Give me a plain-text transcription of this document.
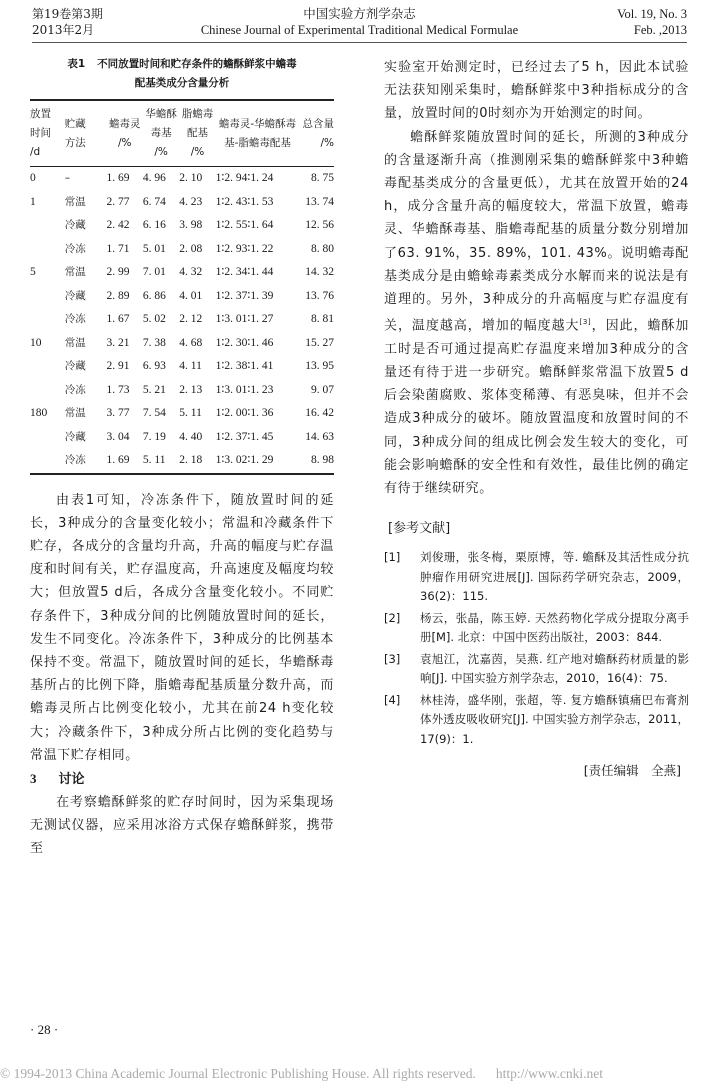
第19卷第3期
2013年2月
中国实验方剂学杂志
Chinese Journal of Experimental Traditional Medical Formulae
Vol. 19, No. 3
Feb. ,2013
表1 不同放置时间和贮存条件的蟾酥鲜浆中蟾毒
配基类成分含量分析
放置
时间
/d

贮藏
方法

蟾毒灵
/%

华蟾酥
毒基
/%

脂蟾毒
配基
/%

蟾毒灵-华蟾酥毒
基-脂蟾毒配基

总含量
/%

0	–	1. 69	4. 96	2. 10	1∶2. 94∶1. 24	8. 75
1	常温	2. 77	6. 74	4. 23	1∶2. 43∶1. 53	13. 74
	冷藏	2. 42	6. 16	3. 98	1∶2. 55∶1. 64	12. 56
	冷冻	1. 71	5. 01	2. 08	1∶2. 93∶1. 22	8. 80
5	常温	2. 99	7. 01	4. 32	1∶2. 34∶1. 44	14. 32
	冷藏	2. 89	6. 86	4. 01	1∶2. 37∶1. 39	13. 76
	冷冻	1. 67	5. 02	2. 12	1∶3. 01∶1. 27	8. 81
10	常温	3. 21	7. 38	4. 68	1∶2. 30∶1. 46	15. 27
	冷藏	2. 91	6. 93	4. 11	1∶2. 38∶1. 41	13. 95
	冷冻	1. 73	5. 21	2. 13	1∶3. 01∶1. 23	9. 07
180	常温	3. 77	7. 54	5. 11	1∶2. 00∶1. 36	16. 42
	冷藏	3. 04	7. 19	4. 40	1∶2. 37∶1. 45	14. 63
	冷冻	1. 69	5. 11	2. 18	1∶3. 02∶1. 29	8. 98

由表1可知，冷冻条件下，随放置时间的延长，3种成分的含量变化较小；常温和冷藏条件下贮存，各成分的含量均升高，升高的幅度与贮存温度和时间有关，贮存温度高，升高速度及幅度均较大；但放置5 d后，各成分含量变化较小。不同贮存条件下，3种成分间的比例随放置时间的延长，发生不同变化。冷冻条件下，3种成分的比例基本保持不变。常温下，随放置时间的延长，华蟾酥毒基所占的比例下降，脂蟾毒配基质量分数升高，而蟾毒灵所占比例变化较小，尤其在前24 h变化较大；冷藏条件下，3种成分所占比例的变化趋势与常温下贮存相同。

3 讨论

在考察蟾酥鲜浆的贮存时间时，因为采集现场无测试仪器，应采用冰浴方式保存蟾酥鲜浆，携带至

实验室开始测定时，已经过去了5 h，因此本试验无法获知刚采集时，蟾酥鲜浆中3种指标成分的含量，放置时间的0时刻亦为开始测定的时间。

蟾酥鲜浆随放置时间的延长，所测的3种成分的含量逐渐升高（推测刚采集的蟾酥鲜浆中3种蟾毒配基类成分的含量更低），尤其在放置开始的24 h，成分含量升高的幅度较大，常温下放置，蟾毒灵、华蟾酥毒基、脂蟾毒配基的质量分数分别增加了63. 91%，35. 89%，101. 43%。说明蟾毒配基类成分是由蟾蜍毒素类成分水解而来的说法是有道理的。另外，3种成分的升高幅度与贮存温度有关，温度越高，增加的幅度越大[3]，因此，蟾酥加工时是否可通过提高贮存温度来增加3种成分的含量还有待于进一步研究。蟾酥鲜浆常温下放置5 d后会染菌腐败、浆体变稀薄、有恶臭味，但并不会造成3种成分的破坏。随放置温度和放置时间的不同，3种成分间的组成比例会发生较大的变化，可能会影响蟾酥的安全性和有效性，最佳比例的确定有待于继续研究。

[参考文献]
[1] 刘俊珊，张冬梅，栗原博，等. 蟾酥及其活性成分抗肿瘤作用研究进展[J]. 国际药学研究杂志，2009，36(2)：115.
[2] 杨云，张晶，陈玉婷. 天然药物化学成分提取分离手册[M]. 北京：中国中医药出版社，2003：844.
[3] 袁旭江，沈嘉茵，吴燕. 红产地对蟾酥药材质量的影响[J]. 中国实验方剂学杂志，2010，16(4)：75.
[4] 林桂涛，盛华刚，张超，等. 复方蟾酥镇痛巴布膏剂体外透皮吸收研究[J]. 中国实验方剂学杂志，2011，17(9)：1.
[责任编辑　全燕]
· 28 ·
© 1994-2013 China Academic Journal Electronic Publishing House. All rights reserved. http://www.cnki.net
